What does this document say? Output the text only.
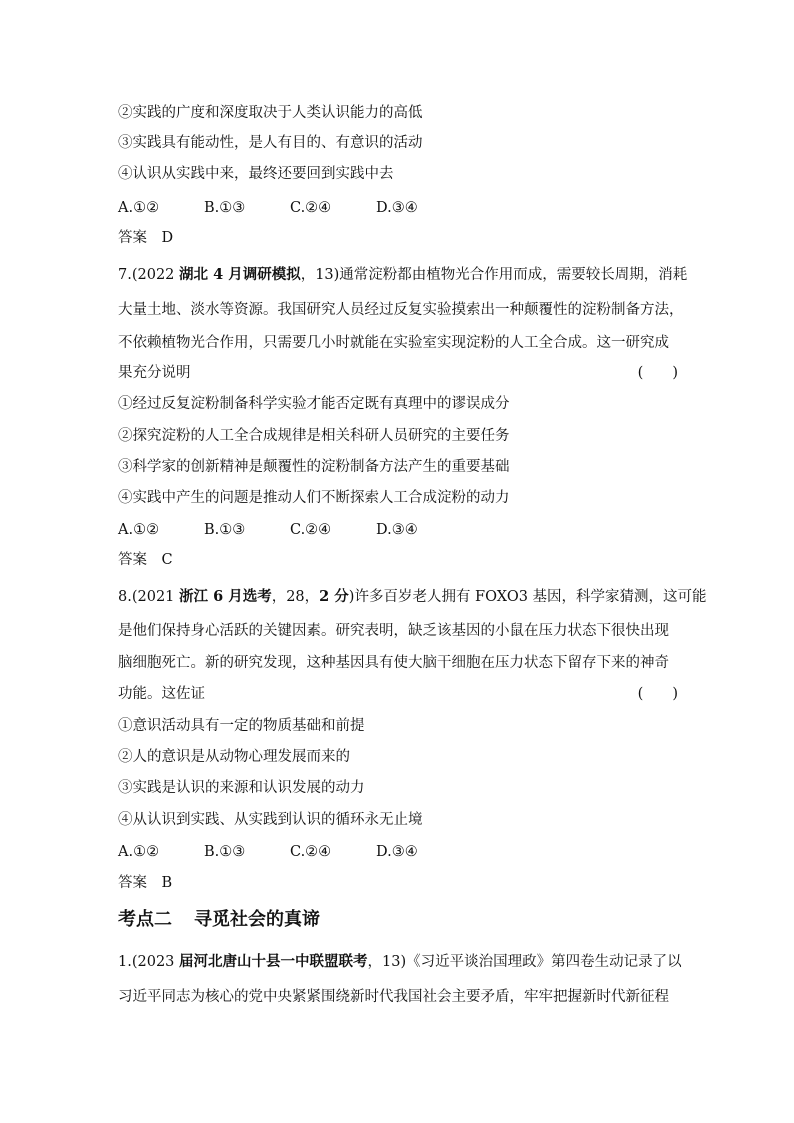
②实践的广度和深度取决于人类认识能力的高低
③实践具有能动性，是人有目的、有意识的活动
④认识从实践中来，最终还要回到实践中去
A.①②	B.①③	C.②④	D.③④
答案　D
7.(2022 湖北 4 月调研模拟，13)通常淀粉都由植物光合作用而成，需要较长周期，消耗
大量土地、淡水等资源。我国研究人员经过反复实验摸索出一种颠覆性的淀粉制备方法，
不依赖植物光合作用，只需要几小时就能在实验室实现淀粉的人工全合成。这一研究成
果充分说明	(　　)
①经过反复淀粉制备科学实验才能否定既有真理中的谬误成分
②探究淀粉的人工全合成规律是相关科研人员研究的主要任务
③科学家的创新精神是颠覆性的淀粉制备方法产生的重要基础
④实践中产生的问题是推动人们不断探索人工合成淀粉的动力
A.①②	B.①③	C.②④	D.③④
答案　C
8.(2021 浙江 6 月选考，28，2 分)许多百岁老人拥有 FOXO3 基因，科学家猜测，这可能
是他们保持身心活跃的关键因素。研究表明，缺乏该基因的小鼠在压力状态下很快出现
脑细胞死亡。新的研究发现，这种基因具有使大脑干细胞在压力状态下留存下来的神奇
功能。这佐证	(　　)
①意识活动具有一定的物质基础和前提
②人的意识是从动物心理发展而来的
③实践是认识的来源和认识发展的动力
④从认识到实践、从实践到认识的循环永无止境
A.①②	B.①③	C.②④	D.③④
答案　B
考点二 寻觅社会的真谛
1.(2023 届河北唐山十县一中联盟联考，13)《习近平谈治国理政》第四卷生动记录了以
习近平同志为核心的党中央紧紧围绕新时代我国社会主要矛盾，牢牢把握新时代新征程
